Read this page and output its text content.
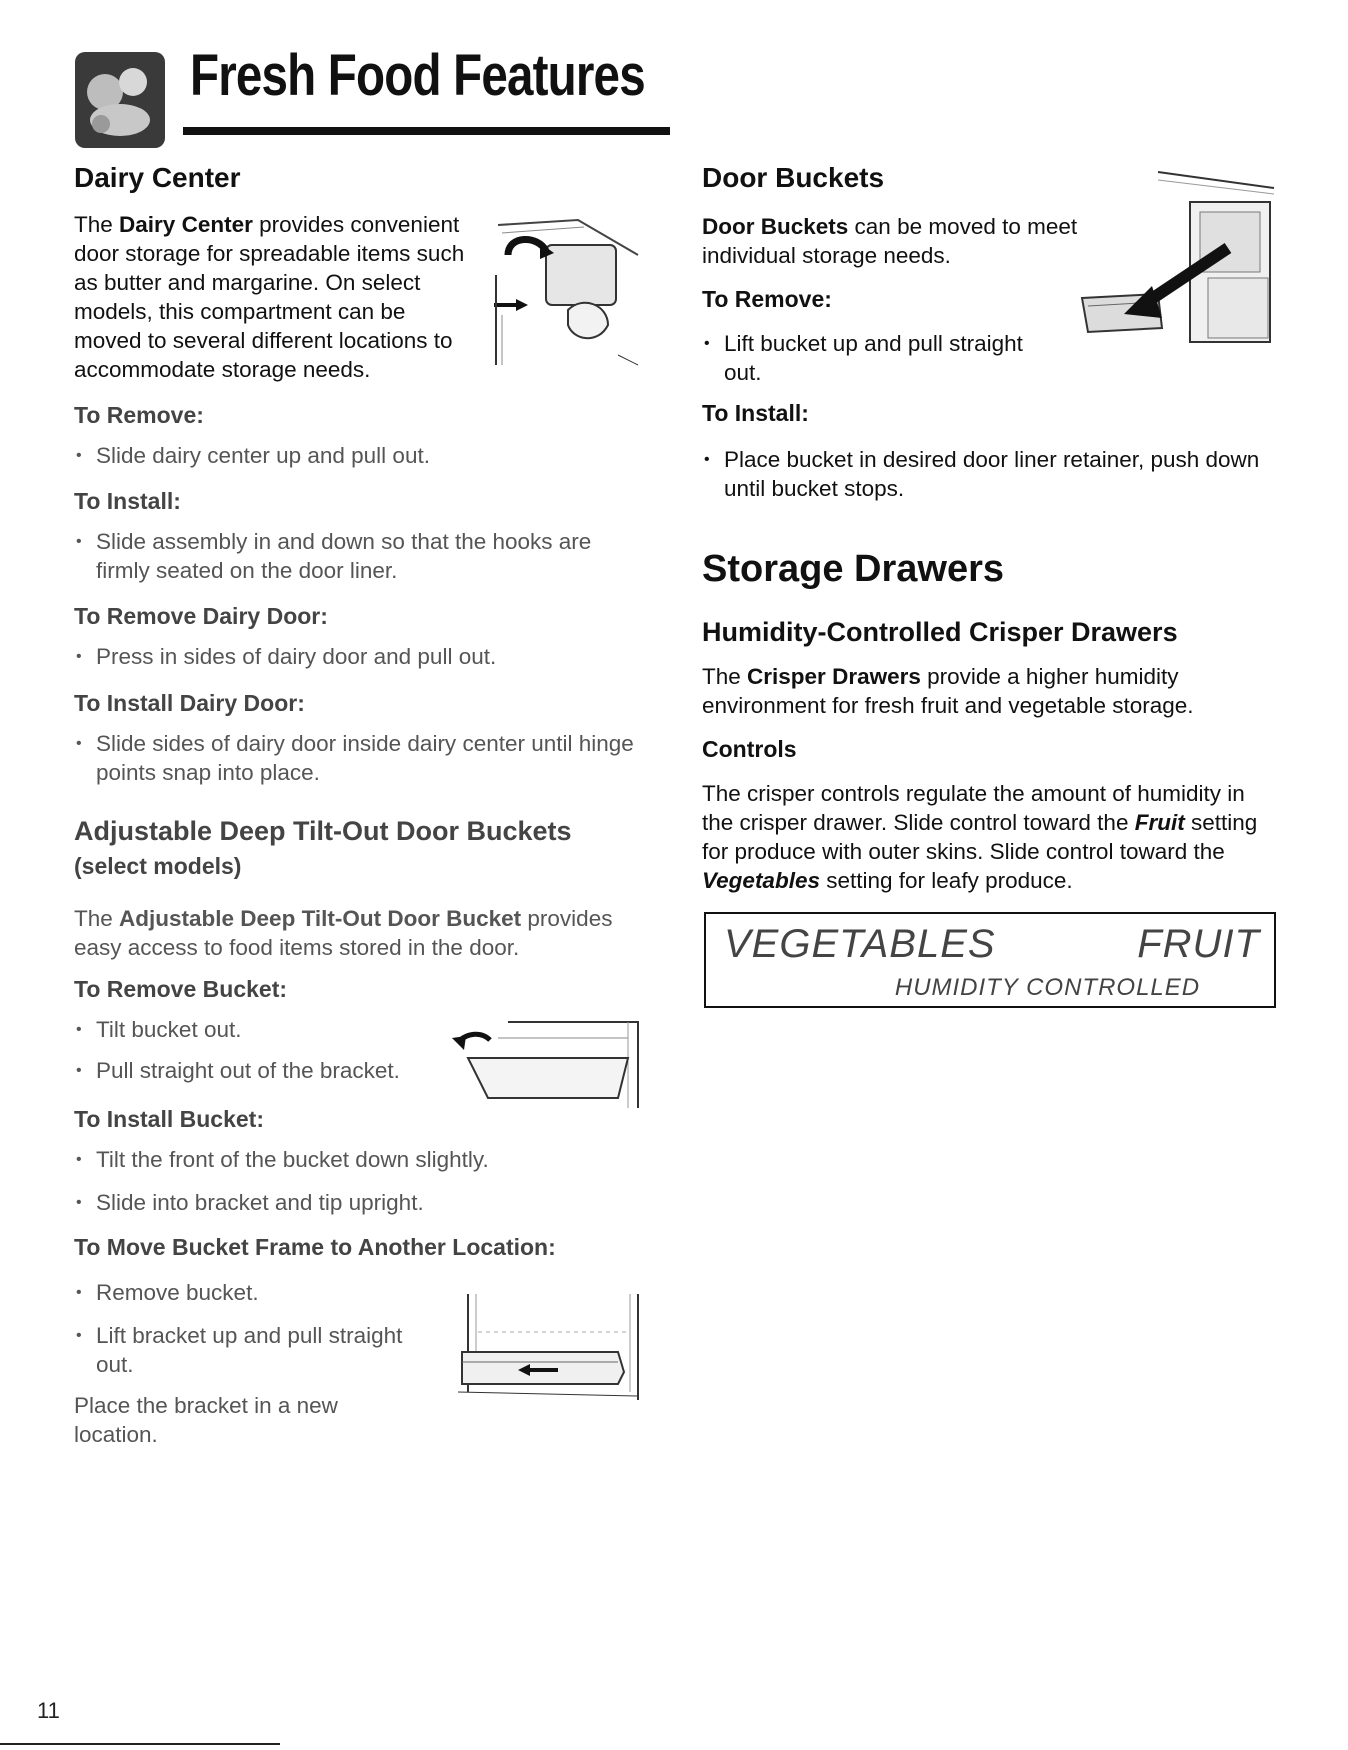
Fresh Food Features
Dairy Center

The Dairy Center provides convenient door storage for spreadable items such as butter and margarine. On select models, this compartment can be moved to several different locations to accommodate storage needs.

To Remove:
• Slide dairy center up and pull out.
To Install:
• Slide assembly in and down so that the hooks are firmly seated on the door liner.
To Remove Dairy Door:
• Press in sides of dairy door and pull out.
To Install Dairy Door:
• Slide sides of dairy door inside dairy center until hinge points snap into place.
Adjustable Deep Tilt-Out Door Buckets
(select models)

The Adjustable Deep Tilt-Out Door Bucket provides easy access to food items stored in the door.

To Remove Bucket:
• Tilt bucket out.
• Pull straight out of the bracket.
To Install Bucket:
• Tilt the front of the bucket down slightly.
• Slide into bracket and tip upright.
To Move Bucket Frame to Another Location:
• Remove bucket.
• Lift bracket up and pull straight out.

Place the bracket in a new location.

Door Buckets

Door Buckets can be moved to meet individual storage needs.

To Remove:
• Lift bucket up and pull straight out.
To Install:
• Place bucket in desired door liner retainer, push down until bucket stops.
Storage Drawers
Humidity-Controlled Crisper Drawers

The Crisper Drawers provide a higher humidity environment for fresh fruit and vegetable storage.

Controls

The crisper controls regulate the amount of humidity in the crisper drawer. Slide control toward the Fruit setting for produce with outer skins. Slide control toward the Vegetables setting for leafy produce.

VEGETABLES	FRUIT
HUMIDITY CONTROLLED
11
